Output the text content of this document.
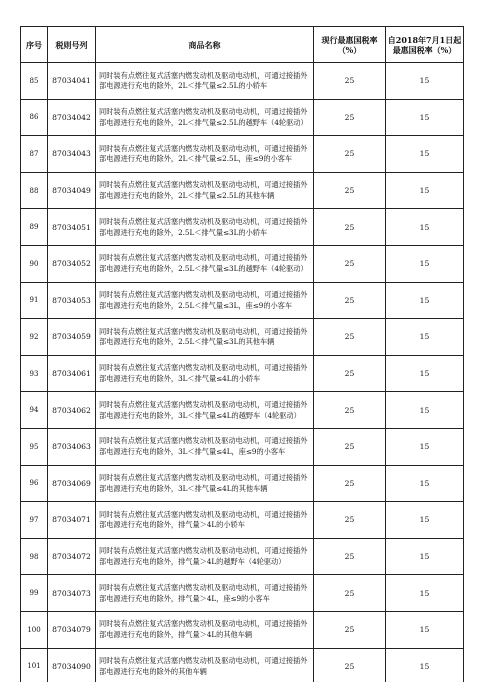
序号	税则号列	商品名称	现行最惠国税率（%）	自2018年7月1日起最惠国税率（%）
85	87034041	同时装有点燃往复式活塞内燃发动机及驱动电动机，可通过接插外部电源进行充电的除外，2L＜排气量≤2.5L的小轿车	25	15
86	87034042	同时装有点燃往复式活塞内燃发动机及驱动电动机，可通过接插外部电源进行充电的除外，2L＜排气量≤2.5L的越野车（4轮驱动）	25	15
87	87034043	同时装有点燃往复式活塞内燃发动机及驱动电动机，可通过接插外部电源进行充电的除外，2L＜排气量≤2.5L，座≤9的小客车	25	15
88	87034049	同时装有点燃往复式活塞内燃发动机及驱动电动机，可通过接插外部电源进行充电的除外，2L＜排气量≤2.5L的其他车辆	25	15
89	87034051	同时装有点燃往复式活塞内燃发动机及驱动电动机，可通过接插外部电源进行充电的除外，2.5L＜排气量≤3L的小轿车	25	15
90	87034052	同时装有点燃往复式活塞内燃发动机及驱动电动机，可通过接插外部电源进行充电的除外，2.5L＜排气量≤3L的越野车（4轮驱动）	25	15
91	87034053	同时装有点燃往复式活塞内燃发动机及驱动电动机，可通过接插外部电源进行充电的除外，2.5L＜排气量≤3L，座≤9的小客车	25	15
92	87034059	同时装有点燃往复式活塞内燃发动机及驱动电动机，可通过接插外部电源进行充电的除外，2.5L＜排气量≤3L的其他车辆	25	15
93	87034061	同时装有点燃往复式活塞内燃发动机及驱动电动机，可通过接插外部电源进行充电的除外，3L＜排气量≤4L的小轿车	25	15
94	87034062	同时装有点燃往复式活塞内燃发动机及驱动电动机，可通过接插外部电源进行充电的除外，3L＜排气量≤4L的越野车（4轮驱动）	25	15
95	87034063	同时装有点燃往复式活塞内燃发动机及驱动电动机，可通过接插外部电源进行充电的除外，3L＜排气量≤4L，座≤9的小客车	25	15
96	87034069	同时装有点燃往复式活塞内燃发动机及驱动电动机，可通过接插外部电源进行充电的除外，3L＜排气量≤4L的其他车辆	25	15
97	87034071	同时装有点燃往复式活塞内燃发动机及驱动电动机，可通过接插外部电源进行充电的除外，排气量＞4L的小轿车	25	15
98	87034072	同时装有点燃往复式活塞内燃发动机及驱动电动机，可通过接插外部电源进行充电的除外，排气量＞4L的越野车（4轮驱动）	25	15
99	87034073	同时装有点燃往复式活塞内燃发动机及驱动电动机，可通过接插外部电源进行充电的除外，排气量＞4L，座≤9的小客车	25	15
100	87034079	同时装有点燃往复式活塞内燃发动机及驱动电动机，可通过接插外部电源进行充电的除外，排气量＞4L的其他车辆	25	15
101	87034090	同时装有点燃往复式活塞内燃发动机及驱动电动机，可通过接插外部电源进行充电的除外的其他车辆	25	15
